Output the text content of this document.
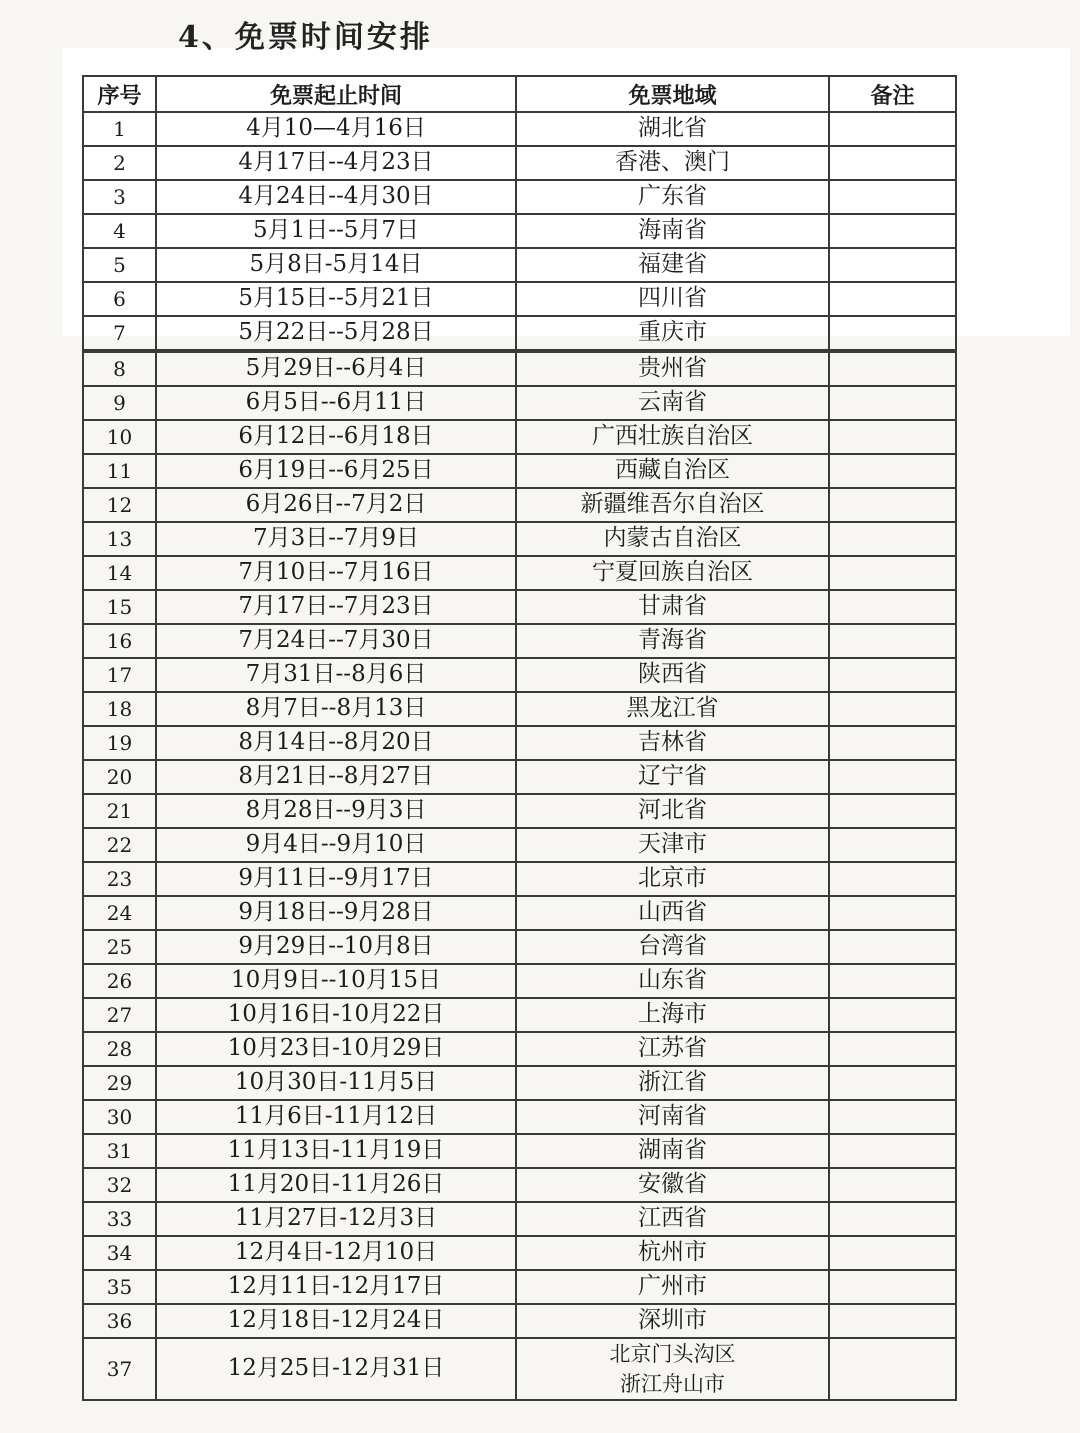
4、免票时间安排
序号	免票起止时间	免票地域	备注
1	4月10—4月16日	湖北省	
2	4月17日--4月23日	香港、澳门	
3	4月24日--4月30日	广东省	
4	5月1日--5月7日	海南省	
5	5月8日-5月14日	福建省	
6	5月15日--5月21日	四川省	
7	5月22日--5月28日	重庆市	
8	5月29日--6月4日	贵州省	
9	6月5日--6月11日	云南省	
10	6月12日--6月18日	广西壮族自治区	
11	6月19日--6月25日	西藏自治区	
12	6月26日--7月2日	新疆维吾尔自治区	
13	7月3日--7月9日	内蒙古自治区	
14	7月10日--7月16日	宁夏回族自治区	
15	7月17日--7月23日	甘肃省	
16	7月24日--7月30日	青海省	
17	7月31日--8月6日	陕西省	
18	8月7日--8月13日	黑龙江省	
19	8月14日--8月20日	吉林省	
20	8月21日--8月27日	辽宁省	
21	8月28日--9月3日	河北省	
22	9月4日--9月10日	天津市	
23	9月11日--9月17日	北京市	
24	9月18日--9月28日	山西省	
25	9月29日--10月8日	台湾省	
26	10月9日--10月15日	山东省	
27	10月16日-10月22日	上海市	
28	10月23日-10月29日	江苏省	
29	10月30日-11月5日	浙江省	
30	11月6日-11月12日	河南省	
31	11月13日-11月19日	湖南省	
32	11月20日-11月26日	安徽省	
33	11月27日-12月3日	江西省	
34	12月4日-12月10日	杭州市	
35	12月11日-12月17日	广州市	
36	12月18日-12月24日	深圳市	
37	12月25日-12月31日	北京门头沟区
浙江舟山市	
